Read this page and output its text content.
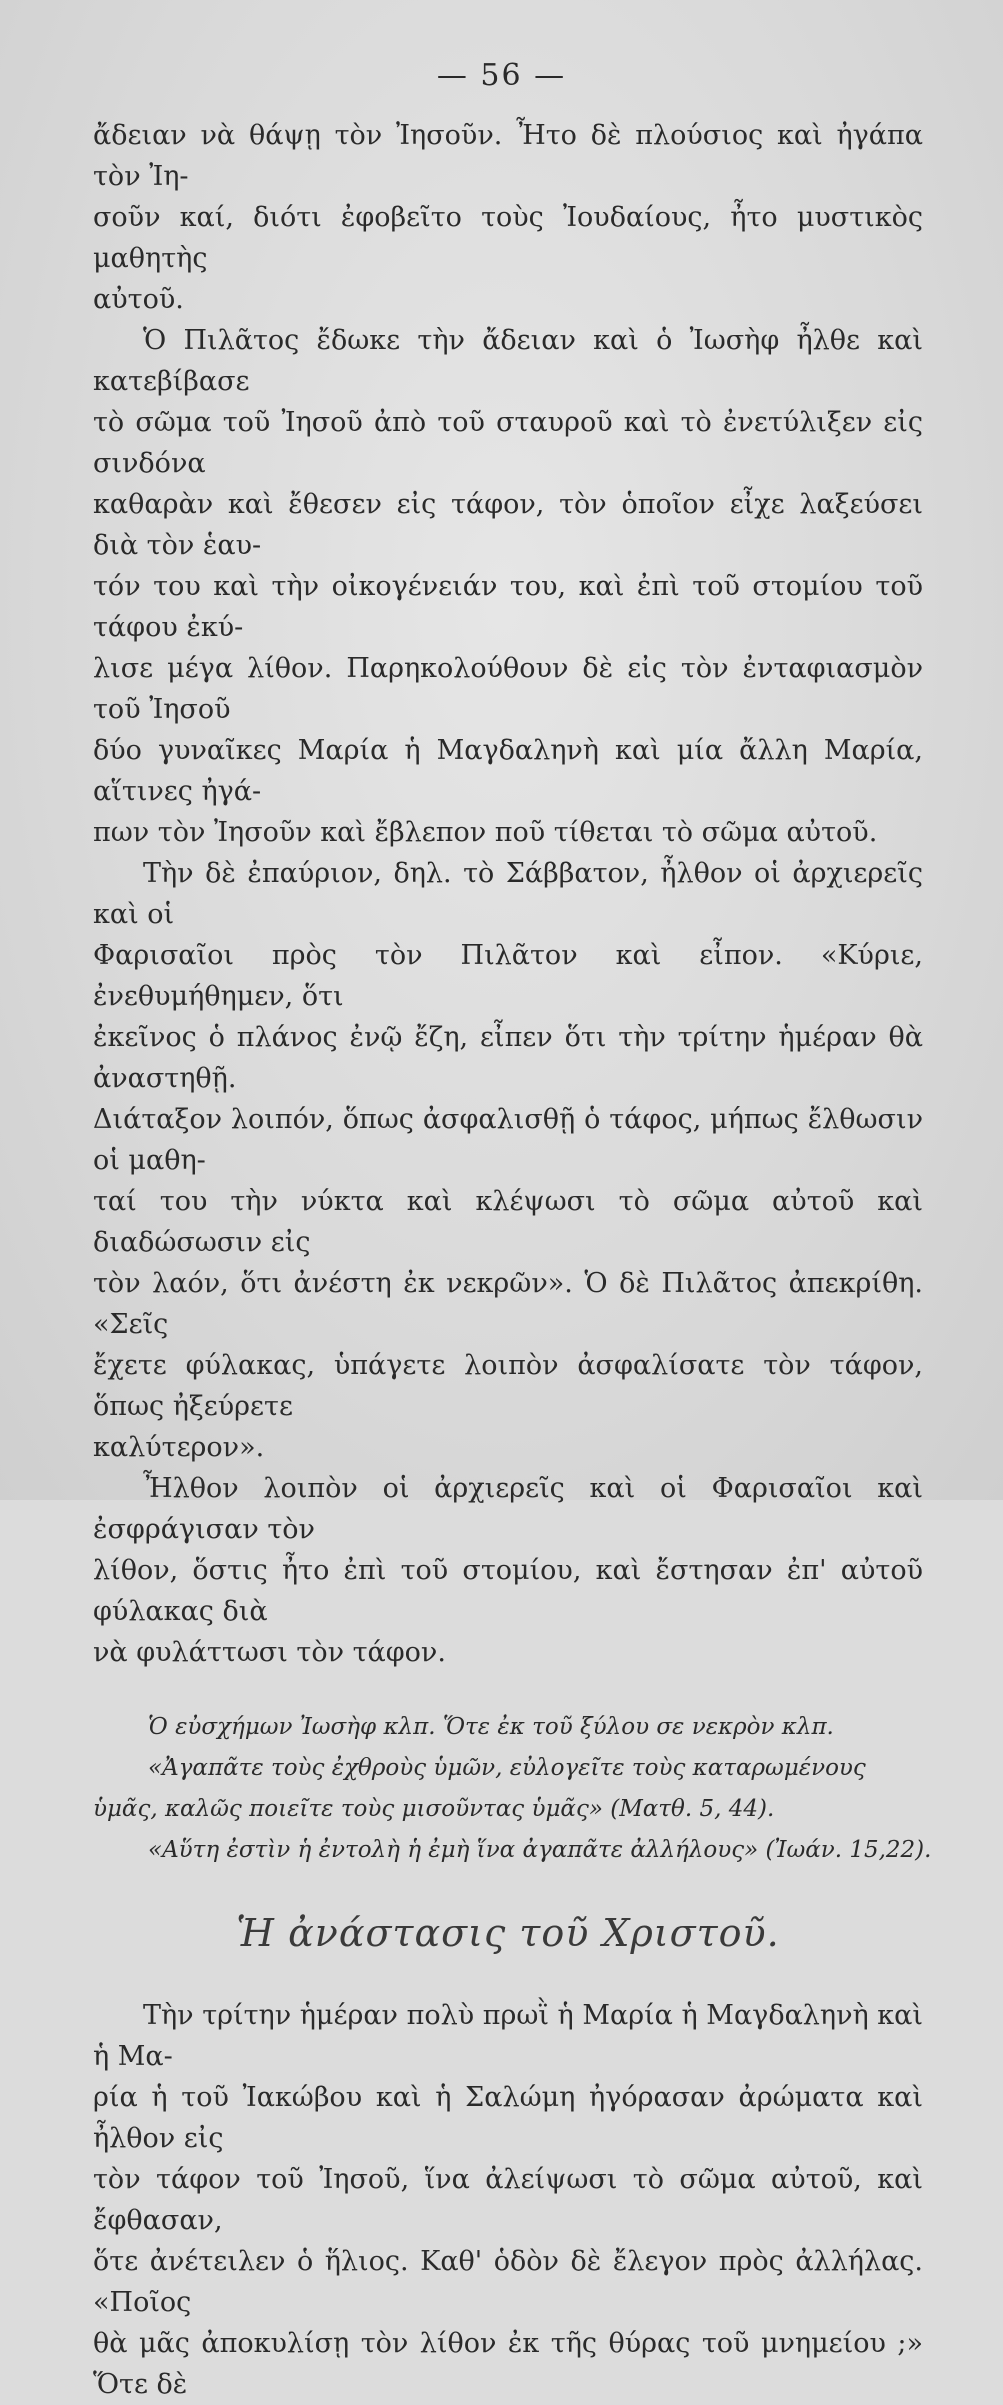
— 56 —
ἄδειαν νὰ θάψῃ τὸν Ἰησοῦν. Ἦτο δὲ πλούσιος καὶ ἠγάπα τὸν Ἰη-
σοῦν καί, διότι ἐφοβεῖτο τοὺς Ἰουδαίους, ἦτο μυστικὸς μαθητὴς
αὐτοῦ.
Ὁ Πιλᾶτος ἔδωκε τὴν ἄδειαν καὶ ὁ Ἰωσὴφ ἦλθε καὶ κατεβίβασε
τὸ σῶμα τοῦ Ἰησοῦ ἀπὸ τοῦ σταυροῦ καὶ τὸ ἐνετύλιξεν εἰς σινδόνα
καθαρὰν καὶ ἔθεσεν εἰς τάφον, τὸν ὁποῖον εἶχε λαξεύσει διὰ τὸν ἑαυ-
τόν του καὶ τὴν οἰκογένειάν του, καὶ ἐπὶ τοῦ στομίου τοῦ τάφου ἐκύ-
λισε μέγα λίθον. Παρηκολούθουν δὲ εἰς τὸν ἐνταφιασμὸν τοῦ Ἰησοῦ
δύο γυναῖκες Μαρία ἡ Μαγδαληνὴ καὶ μία ἄλλη Μαρία, αἵτινες ἠγά-
πων τὸν Ἰησοῦν καὶ ἔβλεπον ποῦ τίθεται τὸ σῶμα αὐτοῦ.
Τὴν δὲ ἐπαύριον, δηλ. τὸ Σάββατον, ἦλθον οἱ ἀρχιερεῖς καὶ οἱ
Φαρισαῖοι πρὸς τὸν Πιλᾶτον καὶ εἶπον. «Κύριε, ἐνεθυμήθημεν, ὅτι
ἐκεῖνος ὁ πλάνος ἐνῷ ἔζη, εἶπεν ὅτι τὴν τρίτην ἡμέραν θὰ ἀναστηθῇ.
Διάταξον λοιπόν, ὅπως ἀσφαλισθῇ ὁ τάφος, μήπως ἔλθωσιν οἱ μαθη-
ταί του τὴν νύκτα καὶ κλέψωσι τὸ σῶμα αὐτοῦ καὶ διαδώσωσιν εἰς
τὸν λαόν, ὅτι ἀνέστη ἐκ νεκρῶν». Ὁ δὲ Πιλᾶτος ἀπεκρίθη. «Σεῖς
ἔχετε φύλακας, ὑπάγετε λοιπὸν ἀσφαλίσατε τὸν τάφον, ὅπως ἠξεύρετε
καλύτερον».
Ἦλθον λοιπὸν οἱ ἀρχιερεῖς καὶ οἱ Φαρισαῖοι καὶ ἐσφράγισαν τὸν
λίθον, ὅστις ἦτο ἐπὶ τοῦ στομίου, καὶ ἔστησαν ἐπ' αὐτοῦ φύλακας διὰ
νὰ φυλάττωσι τὸν τάφον.
Ὁ εὐσχήμων Ἰωσὴφ κλπ. Ὅτε ἐκ τοῦ ξύλου σε νεκρὸν κλπ.
«Ἀγαπᾶτε τοὺς ἐχθροὺς ὑμῶν, εὐλογεῖτε τοὺς καταρωμένους
ὑμᾶς, καλῶς ποιεῖτε τοὺς μισοῦντας ὑμᾶς» (Ματθ. 5, 44).
«Αὕτη ἐστὶν ἡ ἐντολὴ ἡ ἐμὴ ἵνα ἀγαπᾶτε ἀλλήλους» (Ἰωάν. 15,22).
Ἡ ἀνάστασις τοῦ Χριστοῦ.
Τὴν τρίτην ἡμέραν πολὺ πρωῒ ἡ Μαρία ἡ Μαγδαληνὴ καὶ ἡ Μα-
ρία ἡ τοῦ Ἰακώβου καὶ ἡ Σαλώμη ἠγόρασαν ἀρώματα καὶ ἦλθον εἰς
τὸν τάφον τοῦ Ἰησοῦ, ἵνα ἀλείψωσι τὸ σῶμα αὐτοῦ, καὶ ἔφθασαν,
ὅτε ἀνέτειλεν ὁ ἥλιος. Καθ' ὁδὸν δὲ ἔλεγον πρὸς ἀλλήλας. «Ποῖος
θὰ μᾶς ἀποκυλίσῃ τὸν λίθον ἐκ τῆς θύρας τοῦ μνημείου ;» Ὅτε δὲ
